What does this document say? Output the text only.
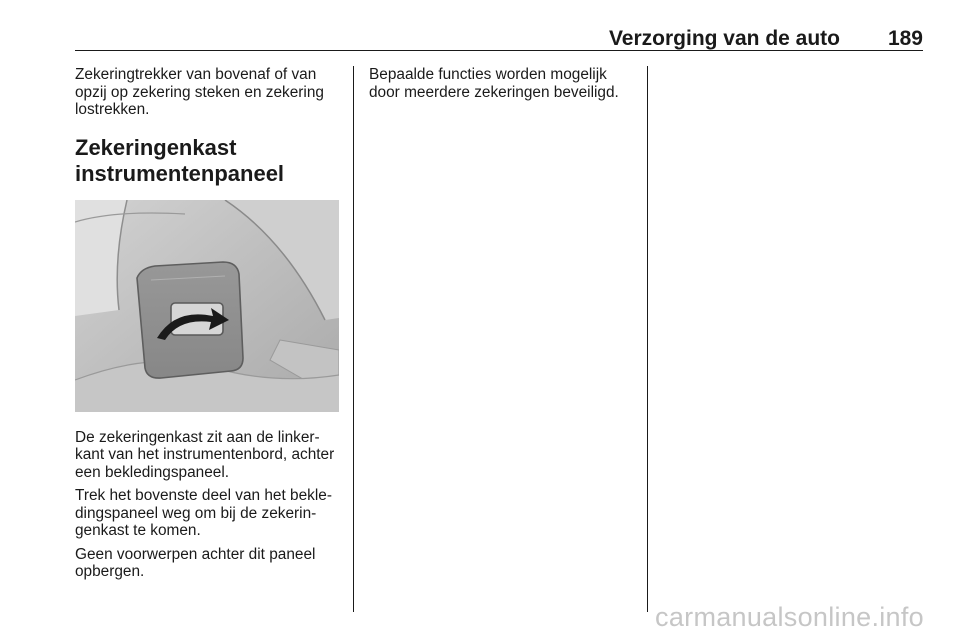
Verzorging van de auto 189

Zekeringtrekker van bovenaf of van opzij op zekering steken en zekering lostrekken.

Zekeringenkast
instrumentenpaneel

De zekeringenkast zit aan de linker-kant van het instrumentenbord, achter een bekledingspaneel.

Trek het bovenste deel van het bekle-dingspaneel weg om bij de zekerin-genkast te komen.

Geen voorwerpen achter dit paneel opbergen.

Bepaalde functies worden mogelijk door meerdere zekeringen beveiligd.

carmanualsonline.info
